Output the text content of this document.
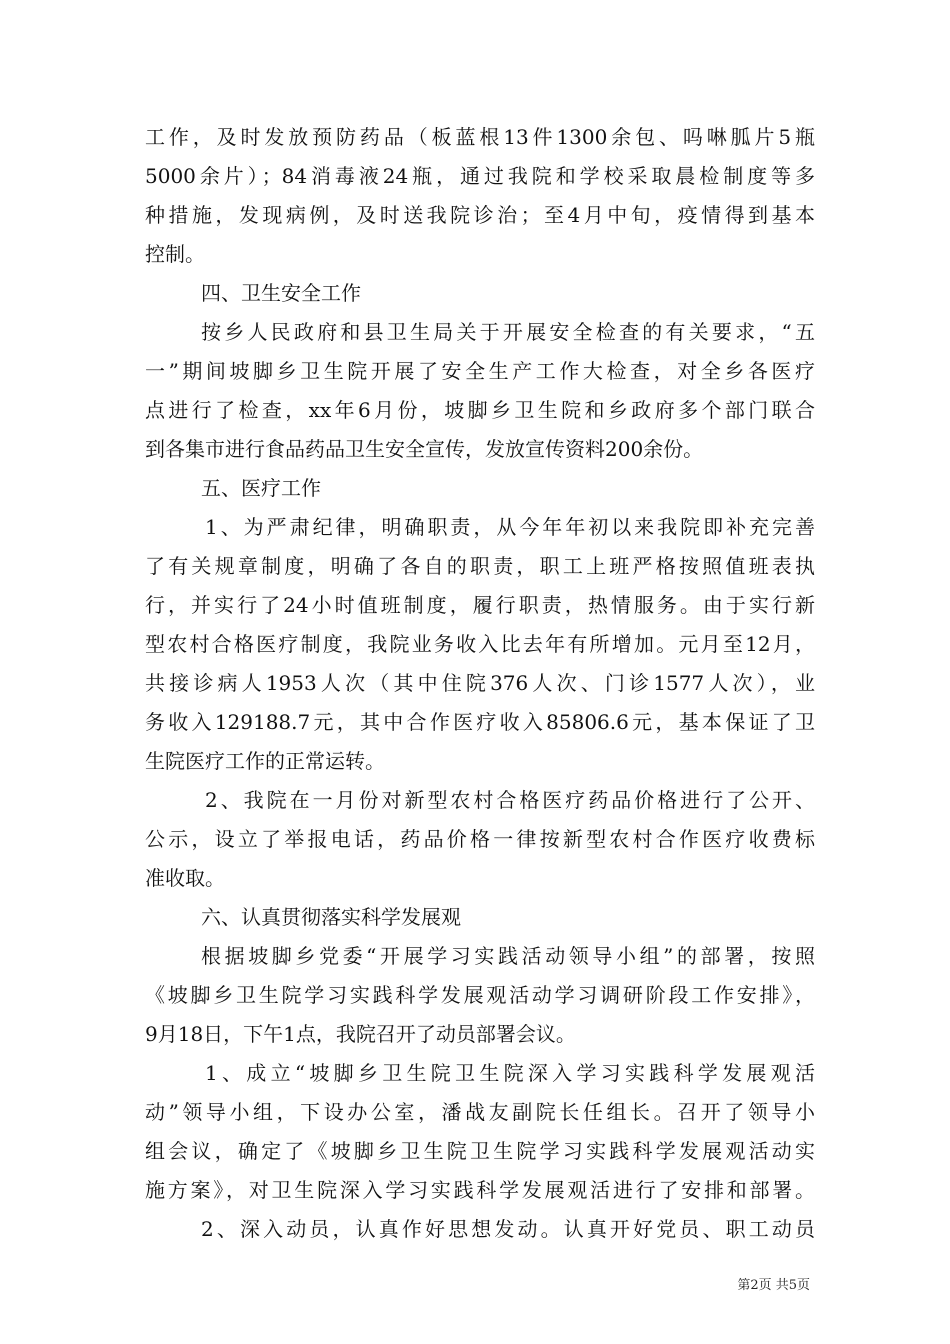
工作，及时发放预防药品（板蓝根13件1300余包、吗啉胍片5瓶
5000余片）；84消毒液24瓶，通过我院和学校采取晨检制度等多
种措施，发现病例，及时送我院诊治；至4月中旬，疫情得到基本
控制。
四、卫生安全工作
按乡人民政府和县卫生局关于开展安全检查的有关要求，“五
一”期间坡脚乡卫生院开展了安全生产工作大检查，对全乡各医疗
点进行了检查，xx年6月份，坡脚乡卫生院和乡政府多个部门联合
到各集市进行食品药品卫生安全宣传，发放宣传资料200余份。
五、医疗工作
1、为严肃纪律，明确职责，从今年年初以来我院即补充完善
了有关规章制度，明确了各自的职责，职工上班严格按照值班表执
行，并实行了24小时值班制度，履行职责，热情服务。由于实行新
型农村合格医疗制度，我院业务收入比去年有所增加。元月至12月，
共接诊病人1953人次（其中住院376人次、门诊1577人次），业
务收入129188.7元，其中合作医疗收入85806.6元，基本保证了卫
生院医疗工作的正常运转。
2、我院在一月份对新型农村合格医疗药品价格进行了公开、
公示，设立了举报电话，药品价格一律按新型农村合作医疗收费标
准收取。
六、认真贯彻落实科学发展观
根据坡脚乡党委“开展学习实践活动领导小组”的部署，按照
《坡脚乡卫生院学习实践科学发展观活动学习调研阶段工作安排》，
9月18日，下午1点，我院召开了动员部署会议。
1、成立“坡脚乡卫生院卫生院深入学习实践科学发展观活
动”领导小组，下设办公室，潘战友副院长任组长。召开了领导小
组会议，确定了《坡脚乡卫生院卫生院学习实践科学发展观活动实
施方案》，对卫生院深入学习实践科学发展观活进行了安排和部署。
2、深入动员，认真作好思想发动。认真开好党员、职工动员
第2页 共5页
